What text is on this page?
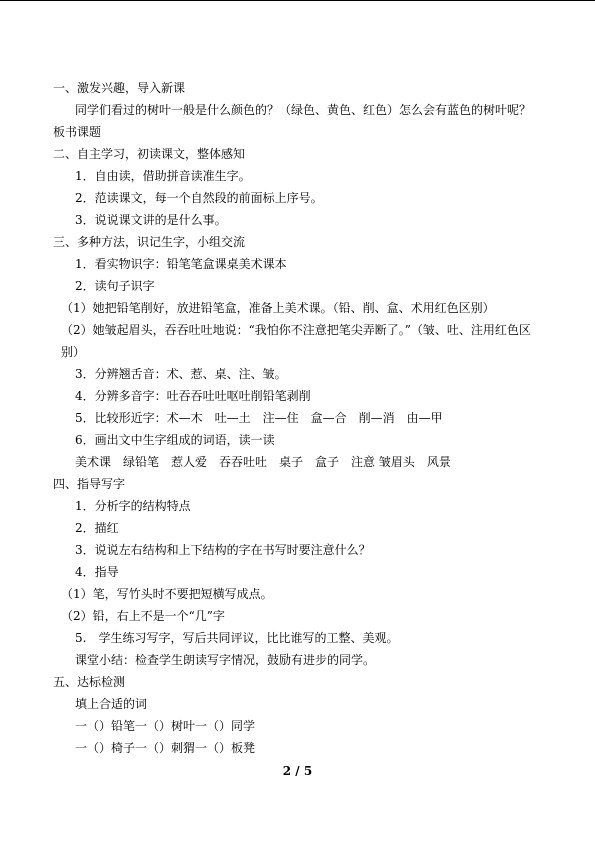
一、激发兴趣，导入新课
同学们看过的树叶一般是什么颜色的？（绿色、黄色、红色）怎么会有蓝色的树叶呢？
板书课题
二、自主学习，初读课文，整体感知
1．自由读，借助拼音读准生字。
2．范读课文，每一个自然段的前面标上序号。
3．说说课文讲的是什么事。
三、多种方法，识记生字，小组交流
1．看实物识字：铅笔笔盒课桌美术课本
2．读句子识字
（1）她把铅笔削好，放进铅笔盒，准备上美术课。（铅、削、盒、术用红色区别）
（2）她皱起眉头，吞吞吐吐地说：“我怕你不注意把笔尖弄断了。”（皱、吐、注用红色区别）
3．分辨翘舌音：术、惹、桌、注、皱。
4．分辨多音字：吐吞吞吐吐呕吐削铅笔剥削
5．比较形近字：术—木　吐—土　注—住　盒—合　削—消　由—甲
6．画出文中生字组成的词语，读一读
美术课　绿铅笔　惹人爱　吞吞吐吐　桌子　盒子　注意 皱眉头　风景
四、指导写字
1．分析字的结构特点
2．描红
3．说说左右结构和上下结构的字在书写时要注意什么？
4．指导
（1）笔，写竹头时不要把短横写成点。
（2）铅，右上不是一个“几”字
5.　学生练习写字，写后共同评议，比比谁写的工整、美观。
课堂小结：检查学生朗读写字情况，鼓励有进步的同学。
五、达标检测
填上合适的词
一（）铅笔一（）树叶一（）同学
一（）椅子一（）刺猬一（）板凳
2 / 5
